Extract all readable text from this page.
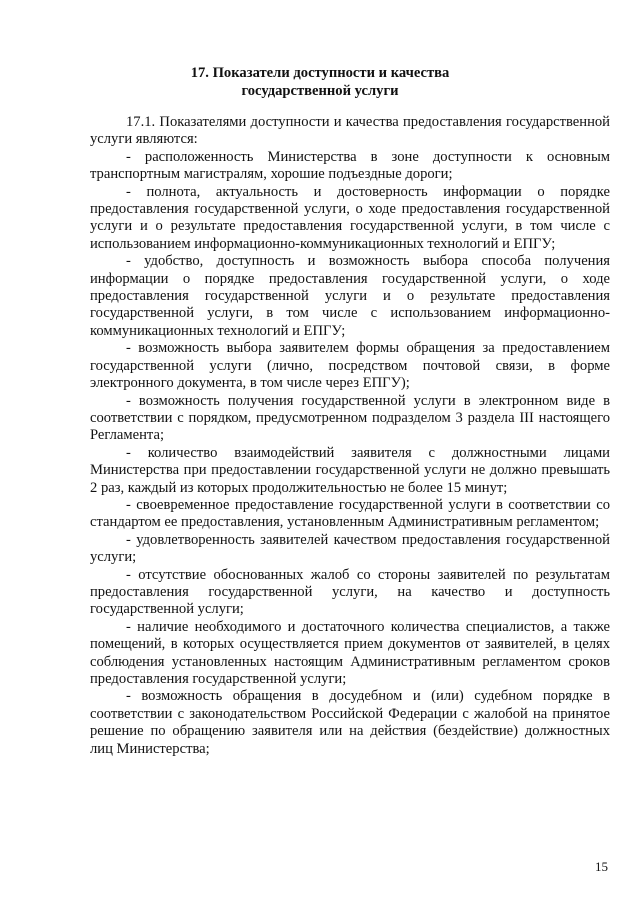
17. Показатели доступности и качества
государственной услуги

17.1. Показателями доступности и качества предоставления государственной услуги являются:

- расположенность Министерства в зоне доступности к основным транспортным магистралям, хорошие подъездные дороги;

- полнота, актуальность и достоверность информации о порядке предоставления государственной услуги, о ходе предоставления государственной услуги и о результате предоставления государственной услуги, в том числе с использованием информационно-коммуникационных технологий и ЕПГУ;

- удобство, доступность и возможность выбора способа получения информации о порядке предоставления государственной услуги, о ходе предоставления государственной услуги и о результате предоставления государственной услуги, в том числе с использованием информационно-коммуникационных технологий и ЕПГУ;

- возможность выбора заявителем формы обращения за предоставлением государственной услуги (лично, посредством почтовой связи, в форме электронного документа, в том числе через ЕПГУ);

- возможность получения государственной услуги в электронном виде в соответствии с порядком, предусмотренном подразделом 3 раздела III настоящего Регламента;

- количество взаимодействий заявителя с должностными лицами Министерства при предоставлении государственной услуги не должно превышать 2 раз, каждый из которых продолжительностью не более 15 минут;

- своевременное предоставление государственной услуги в соответствии со стандартом ее предоставления, установленным Административным регламентом;

- удовлетворенность заявителей качеством предоставления государственной услуги;

- отсутствие обоснованных жалоб со стороны заявителей по результатам предоставления государственной услуги, на качество и доступность государственной услуги;

- наличие необходимого и достаточного количества специалистов, а также помещений, в которых осуществляется прием документов от заявителей, в целях соблюдения установленных настоящим Административным регламентом сроков предоставления государственной услуги;

- возможность обращения в досудебном и (или) судебном порядке в соответствии с законодательством Российской Федерации с жалобой на принятое решение по обращению заявителя или на действия (бездействие) должностных лиц Министерства;

15
